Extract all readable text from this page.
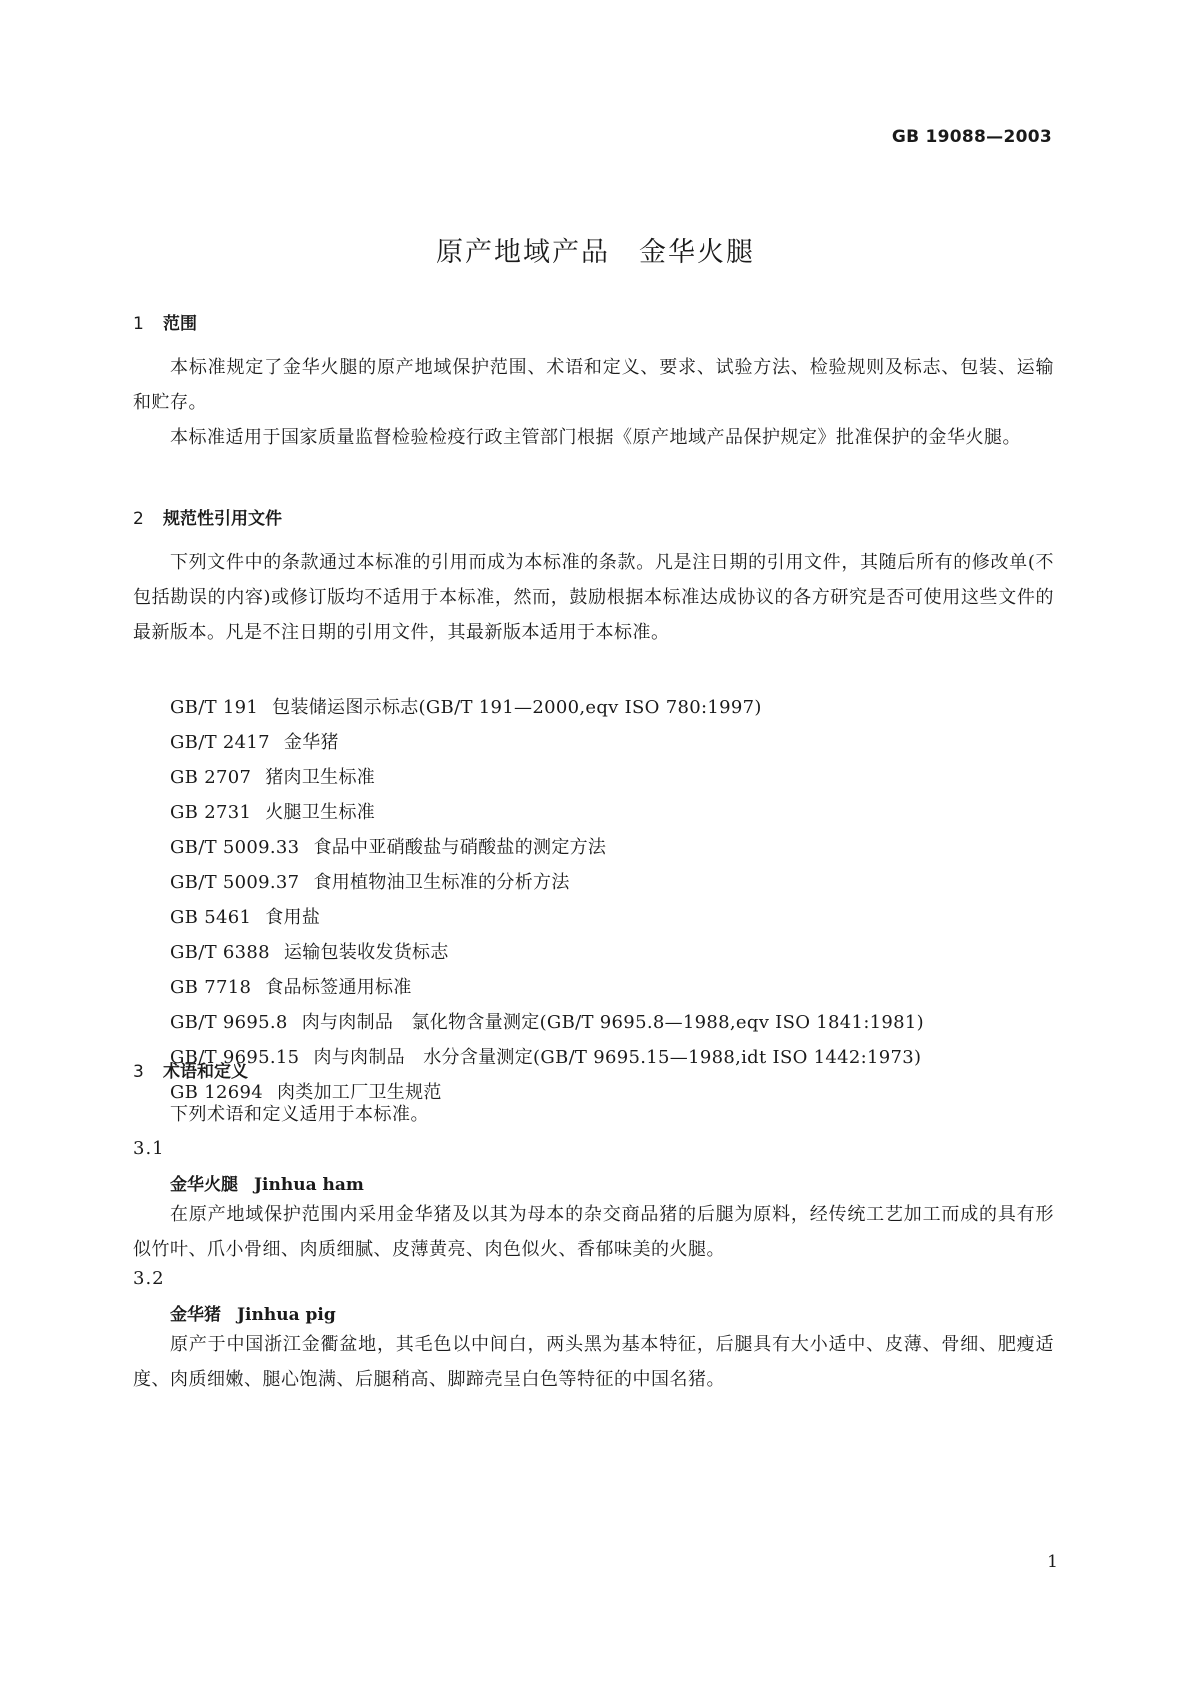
GB 19088—2003
原产地域产品　金华火腿
1 范围
本标准规定了金华火腿的原产地域保护范围、术语和定义、要求、试验方法、检验规则及标志、包装、运输和贮存。
本标准适用于国家质量监督检验检疫行政主管部门根据《原产地域产品保护规定》批准保护的金华火腿。
2 规范性引用文件
下列文件中的条款通过本标准的引用而成为本标准的条款。凡是注日期的引用文件，其随后所有的修改单(不包括勘误的内容)或修订版均不适用于本标准，然而，鼓励根据本标准达成协议的各方研究是否可使用这些文件的最新版本。凡是不注日期的引用文件，其最新版本适用于本标准。
GB/T 191 包装储运图示标志(GB/T 191—2000,eqv ISO 780:1997)
GB/T 2417 金华猪
GB 2707 猪肉卫生标准
GB 2731 火腿卫生标准
GB/T 5009.33 食品中亚硝酸盐与硝酸盐的测定方法
GB/T 5009.37 食用植物油卫生标准的分析方法
GB 5461 食用盐
GB/T 6388 运输包装收发货标志
GB 7718 食品标签通用标准
GB/T 9695.8 肉与肉制品　氯化物含量测定(GB/T 9695.8—1988,eqv ISO 1841:1981)
GB/T 9695.15 肉与肉制品　水分含量测定(GB/T 9695.15—1988,idt ISO 1442:1973)
GB 12694 肉类加工厂卫生规范
3 术语和定义
下列术语和定义适用于本标准。
3.1
金华火腿 Jinhua ham
在原产地域保护范围内采用金华猪及以其为母本的杂交商品猪的后腿为原料，经传统工艺加工而成的具有形似竹叶、爪小骨细、肉质细腻、皮薄黄亮、肉色似火、香郁味美的火腿。
3.2
金华猪 Jinhua pig
原产于中国浙江金衢盆地，其毛色以中间白，两头黑为基本特征，后腿具有大小适中、皮薄、骨细、肥瘦适度、肉质细嫩、腿心饱满、后腿稍高、脚蹄壳呈白色等特征的中国名猪。
1
